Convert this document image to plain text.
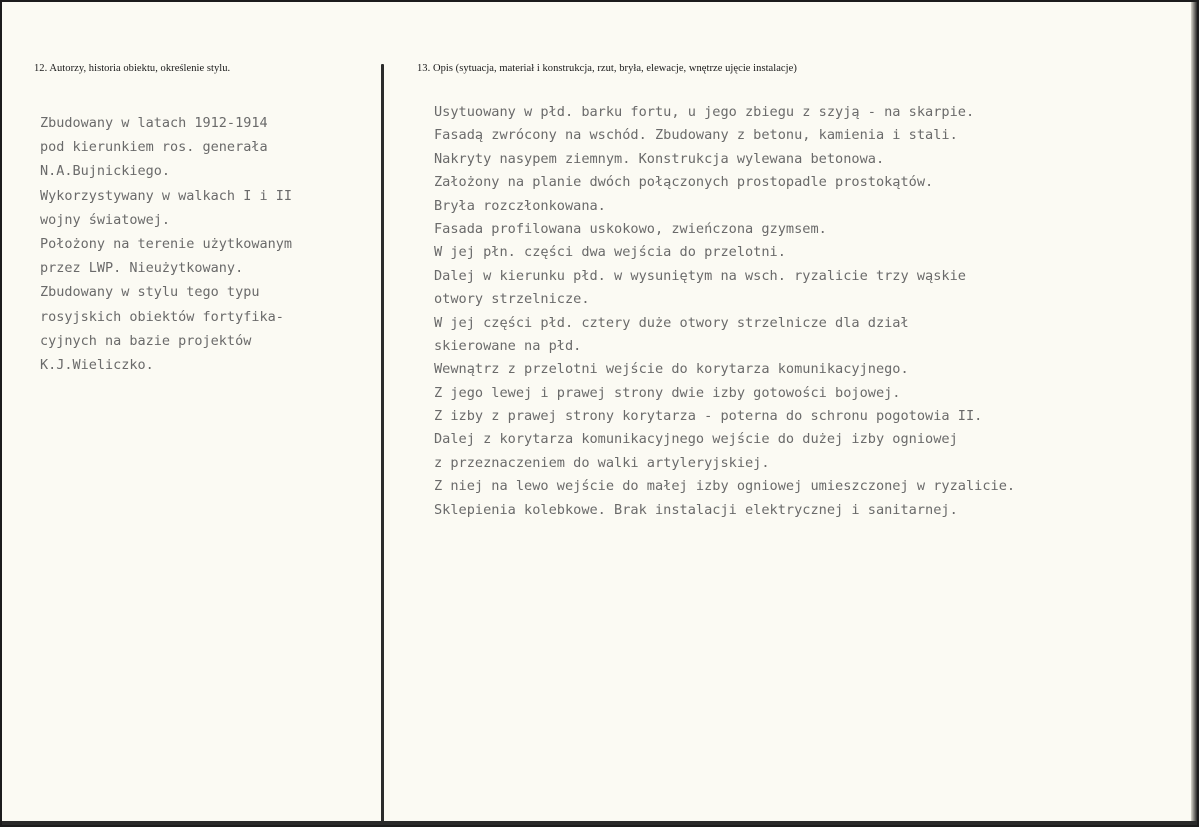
12. Autorzy, historia obiektu, określenie stylu.	13. Opis (sytuacja, materiał i konstrukcja, rzut, bryła, elewacje, wnętrze ujęcie instalacje)
Zbudowany w latach 1912-1914
pod kierunkiem ros. generała
N.A.Bujnickiego.
Wykorzystywany w walkach I i II
wojny światowej.
Położony na terenie użytkowanym
przez LWP. Nieużytkowany.
Zbudowany w stylu tego typu
rosyjskich obiektów fortyfika-
cyjnych na bazie projektów
K.J.Wieliczko.
Usytuowany w płd. barku fortu, u jego zbiegu z szyją - na skarpie.
Fasadą zwrócony na wschód. Zbudowany z betonu, kamienia i stali.
Nakryty nasypem ziemnym. Konstrukcja wylewana betonowa.
Założony na planie dwóch połączonych prostopadle prostokątów.
Bryła rozczłonkowana.
Fasada profilowana uskokowo, zwieńczona gzymsem.
W jej płn. części dwa wejścia do przelotni.
Dalej w kierunku płd. w wysuniętym na wsch. ryzalicie trzy wąskie
otwory strzelnicze.
W jej części płd. cztery duże otwory strzelnicze dla dział
skierowane na płd.
Wewnątrz z przelotni wejście do korytarza komunikacyjnego.
Z jego lewej i prawej strony dwie izby gotowości bojowej.
Z izby z prawej strony korytarza - poterna do schronu pogotowia II.
Dalej z korytarza komunikacyjnego wejście do dużej izby ogniowej
z przeznaczeniem do walki artyleryjskiej.
Z niej na lewo wejście do małej izby ogniowej umieszczonej w ryzalicie.
Sklepienia kolebkowe. Brak instalacji elektrycznej i sanitarnej.
